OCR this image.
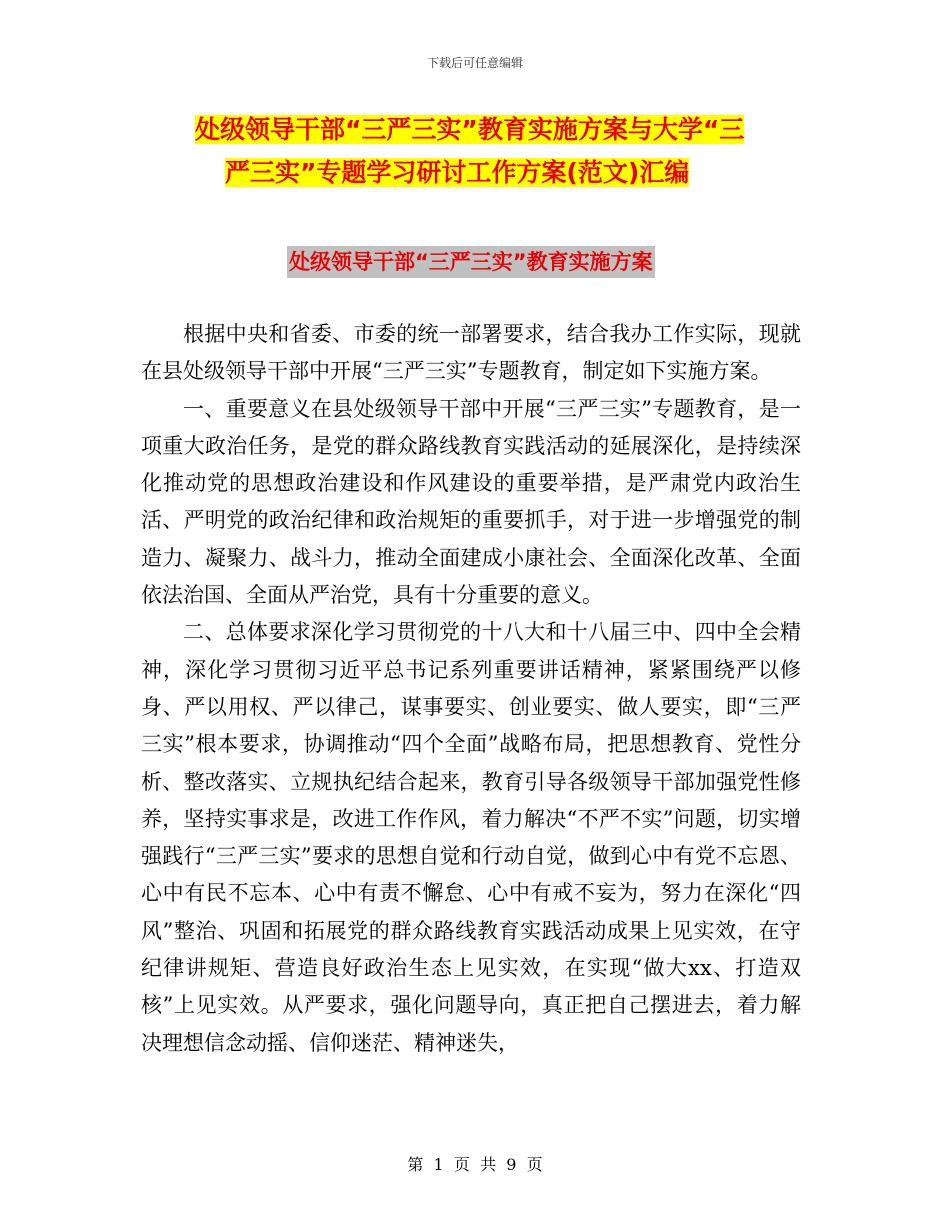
下载后可任意编辑
处级领导干部“三严三实”教育实施方案与大学“三
严三实”专题学习研讨工作方案(范文)汇编
处级领导干部“三严三实”教育实施方案

根据中央和省委、市委的统一部署要求，结合我办工作实际，现就在县处级领导干部中开展“三严三实”专题教育，制定如下实施方案。

一、重要意义在县处级领导干部中开展“三严三实”专题教育，是一项重大政治任务，是党的群众路线教育实践活动的延展深化，是持续深化推动党的思想政治建设和作风建设的重要举措，是严肃党内政治生活、严明党的政治纪律和政治规矩的重要抓手，对于进一步增强党的制造力、凝聚力、战斗力，推动全面建成小康社会、全面深化改革、全面依法治国、全面从严治党，具有十分重要的意义。

二、总体要求深化学习贯彻党的十八大和十八届三中、四中全会精神，深化学习贯彻习近平总书记系列重要讲话精神，紧紧围绕严以修身、严以用权、严以律己，谋事要实、创业要实、做人要实，即“三严三实”根本要求，协调推动“四个全面”战略布局，把思想教育、党性分析、整改落实、立规执纪结合起来，教育引导各级领导干部加强党性修养，坚持实事求是，改进工作作风，着力解决“不严不实”问题，切实增强践行“三严三实”要求的思想自觉和行动自觉，做到心中有党不忘恩、心中有民不忘本、心中有责不懈怠、心中有戒不妄为，努力在深化“四风”整治、巩固和拓展党的群众路线教育实践活动成果上见实效，在守纪律讲规矩、营造良好政治生态上见实效，在实现“做大xx、打造双核”上见实效。从严要求，强化问题导向，真正把自己摆进去，着力解决理想信念动摇、信仰迷茫、精神迷失，

第  1  页  共  9  页
